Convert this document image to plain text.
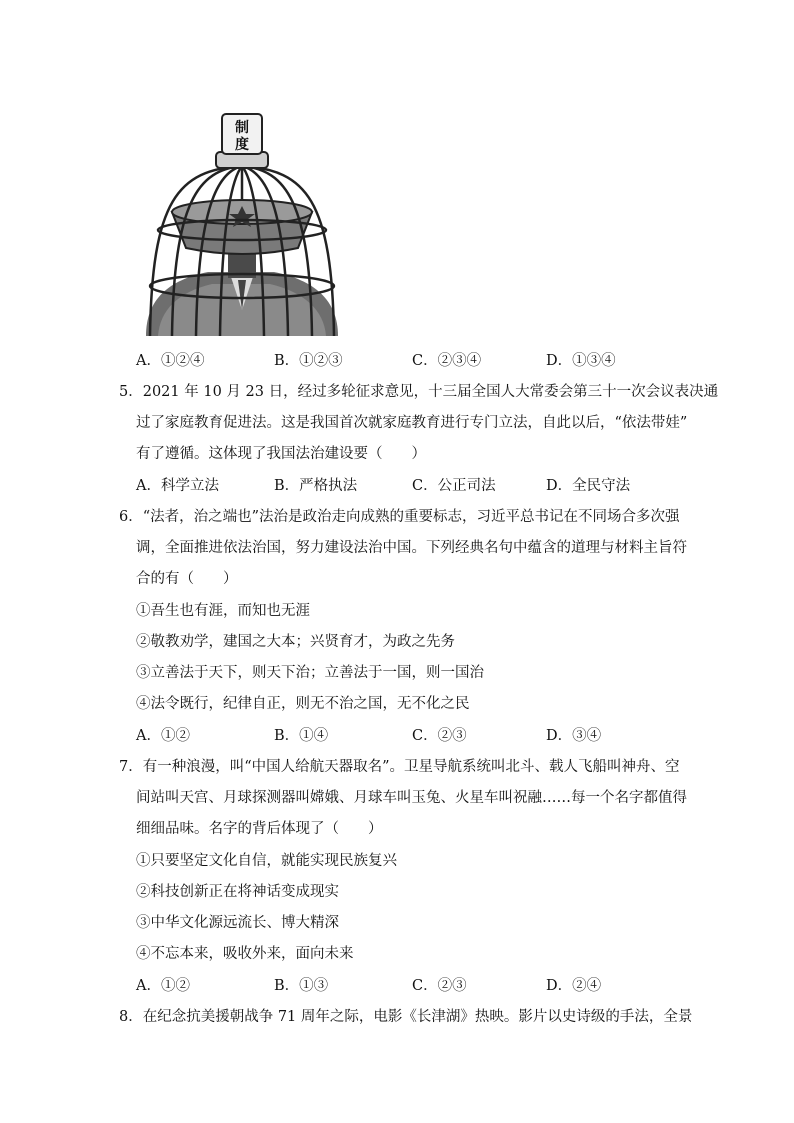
制
度
A．①②④	B．①②③	C．②③④	D．①③④
5．2021 年 10 月 23 日，经过多轮征求意见，十三届全国人大常委会第三十一次会议表决通
过了家庭教育促进法。这是我国首次就家庭教育进行专门立法，自此以后，“依法带娃”
有了遵循。这体现了我国法治建设要（　　）
A．科学立法	B．严格执法	C．公正司法	D．全民守法
6．“法者，治之端也”法治是政治走向成熟的重要标志，习近平总书记在不同场合多次强
调，全面推进依法治国，努力建设法治中国。下列经典名句中蕴含的道理与材料主旨符
合的有（　　）
①吾生也有涯，而知也无涯
②敬教劝学，建国之大本；兴贤育才，为政之先务
③立善法于天下，则天下治；立善法于一国，则一国治
④法令既行，纪律自正，则无不治之国，无不化之民
A．①②	B．①④	C．②③	D．③④
7．有一种浪漫，叫“中国人给航天器取名”。卫星导航系统叫北斗、载人飞船叫神舟、空
间站叫天宫、月球探测器叫嫦娥、月球车叫玉兔、火星车叫祝融……每一个名字都值得
细细品味。名字的背后体现了（　　）
①只要坚定文化自信，就能实现民族复兴
②科技创新正在将神话变成现实
③中华文化源远流长、博大精深
④不忘本来，吸收外来，面向未来
A．①②	B．①③	C．②③	D．②④
8．在纪念抗美援朝战争 71 周年之际，电影《长津湖》热映。影片以史诗级的手法，全景
